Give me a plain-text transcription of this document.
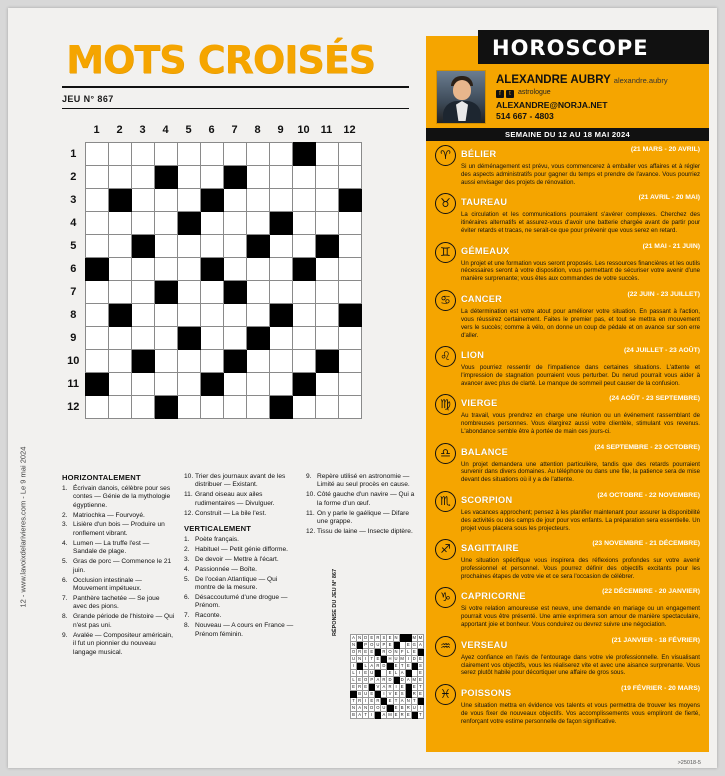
12 - www.lavoixdelarivieres.com - Le 9 mai 2024
MOTS CROISÉS
JEU N° 867
	1	2	3	4	5	6	7	8	9	10	11	12
1												
2												
3												
4												
5												
6												
7												
8												
9												
10												
11												
12												
HORIZONTALEMENT
1. Écrivain danois, célèbre pour ses contes — Génie de la mythologie égyptienne.
2. Matriochka — Fourvoyé.
3. Lisière d'un bois — Produire un ronflement vibrant.
4. Lumen — La truffe l'est — Sandale de plage.
5. Gras de porc — Commence le 21 juin.
6. Occlusion intestinale — Mouvement impétueux.
7. Panthère tachetée — Se joue avec des pions.
8. Grande période de l'histoire — Qui n'est pas uni.
9. Avalée — Compositeur américain, il fut un pionnier du nouveau langage musical.
10. Trier des journaux avant de les distribuer — Existant.
11. Grand oiseau aux ailes rudimentaires — Divulguer.
12. Construit — La bile l'est.
VERTICALEMENT
1. Poète français.
2. Habituel — Petit génie difforme.
3. De devoir — Mettre à l'écart.
4. Passionnée — Boîte.
5. De l'océan Atlantique — Qui montre de la mesure.
6. Désaccoutumé d'une drogue — Prénom.
7. Raconte.
8. Nouveau — A cours en France — Prénom féminin.
9. Repère utilisé en astronomie — Limité au seul procès en cause.
10. Côté gauche d'un navire — Qui a la forme d'un œuf.
11. On y parle le gaélique — Difare une grappe.
12. Tissu de laine — Insecte diptère.
RÉPONSE DU JEU N° 867
A	N	D	E	R	S	E	N			M	M
N		P	O	U	P	E			E	G	A
O	R	E	E		R	O	N	F	L	E	
U	N	I	T	E		H	U	M	I	D	E
I		L	A	R	D		E	T	E		S
L	I	E	U			E	L	A			E
L	E	O	P	A	R	D		D	A	M	E
E	R	E		V	A	R	I	E		E	T
	B	U	E		I	V	E	S		R	E
T	R	I	E	R		E	T	A	N	T	
N	A	N	D	O	U		E	B	R	U	I
B	A	T	I		A	M	E	R	E		T
HOROSCOPE
ALEXANDRE AUBRY alexandre.aubry
f t astrologue
ALEXANDRE@NORJA.NET
514 667 - 4803
SEMAINE DU 12 AU 18 MAI 2024
♈	(21 MARS - 20 AVRIL)
BÉLIER
Si un déménagement est prévu, vous commencerez à emballer vos affaires et à régler des aspects administratifs pour gagner du temps et prendre de l'avance. Vous pourriez aussi envisager des projets de rénovation.
♉	(21 AVRIL - 20 MAI)
TAUREAU
La circulation et les communications pourraient s'avérer complexes. Cherchez des itinéraires alternatifs et assurez-vous d'avoir une batterie chargée avant de partir pour éviter retards et tracas, ne serait-ce que pour prévenir que vous serez en retard.
♊	(21 MAI - 21 JUIN)
GÉMEAUX
Un projet et une formation vous seront proposés. Les ressources financières et les outils nécessaires seront à votre disposition, vous permettant de sécuriser votre avenir d'une manière surprenante; vous êtes aux commandes de votre succès.
♋	(22 JUIN - 23 JUILLET)
CANCER
La détermination est votre atout pour améliorer votre situation. En passant à l'action, vous réussirez certainement. Faites le premier pas, et tout se mettra en mouvement vers le succès; comme à vélo, on donne un coup de pédale et on avance sur son erre d'aller.
♌	(24 JUILLET - 23 AOÛT)
LION
Vous pourriez ressentir de l'impatience dans certaines situations. L'attente et l'impression de stagnation pourraient vous perturber. Du nerud pourrait vous aider à avancer avec plus de clarté. Le manque de sommeil peut causer de la confusion.
♍	(24 AOÛT - 23 SEPTEMBRE)
VIERGE
Au travail, vous prendrez en charge une réunion ou un événement rassemblant de nombreuses personnes. Vous élargirez aussi votre clientèle, stimulant vos revenus. L'abondance semble être à portée de main ces jours-ci.
♎	(24 SEPTEMBRE - 23 OCTOBRE)
BALANCE
Un projet demandera une attention particulière, tandis que des retards pourraient survenir dans divers domaines. Au téléphone ou dans une file, la patience sera de mise devant des situations où il y a de l'attente.
♏	(24 OCTOBRE - 22 NOVEMBRE)
SCORPION
Les vacances approchent; pensez à les planifier maintenant pour assurer la disponibilité des activités ou des camps de jour pour vos enfants. La préparation sera essentielle. Un projet vous placera sous les projecteurs.
♐	(23 NOVEMBRE - 21 DÉCEMBRE)
SAGITTAIRE
Une situation spécifique vous inspirera des réflexions profondes sur votre avenir professionnel et personnel. Vous pourrez définir des objectifs excitants pour les prochaines étapes de votre vie et ce sera l'occasion de célébrer.
♑	(22 DÉCEMBRE - 20 JANVIER)
CAPRICORNE
Si votre relation amoureuse est neuve, une demande en mariage ou un engagement pourrait vous être présenté. Une amie exprimera son amour de manière spectaculaire, apportant joie et bonheur. Vous conduirez ou devrez suivre une négociation.
♒	(21 JANVIER - 18 FÉVRIER)
VERSEAU
Ayez confiance en l'avis de l'entourage dans votre vie professionnelle. En visualisant clairement vos objectifs, vous les réaliserez vite et avec une aisance surprenante. Vous serez plutôt habile pour décortiquer une affaire de gros sous.
♓	(19 FÉVRIER - 20 MARS)
POISSONS
Une situation mettra en évidence vos talents et vous permettra de trouver les moyens de vous fixer de nouveaux objectifs. Vos accomplissements vous empliront de fierté, renforçant votre estime personnelle de façon significative.
>25018-5
